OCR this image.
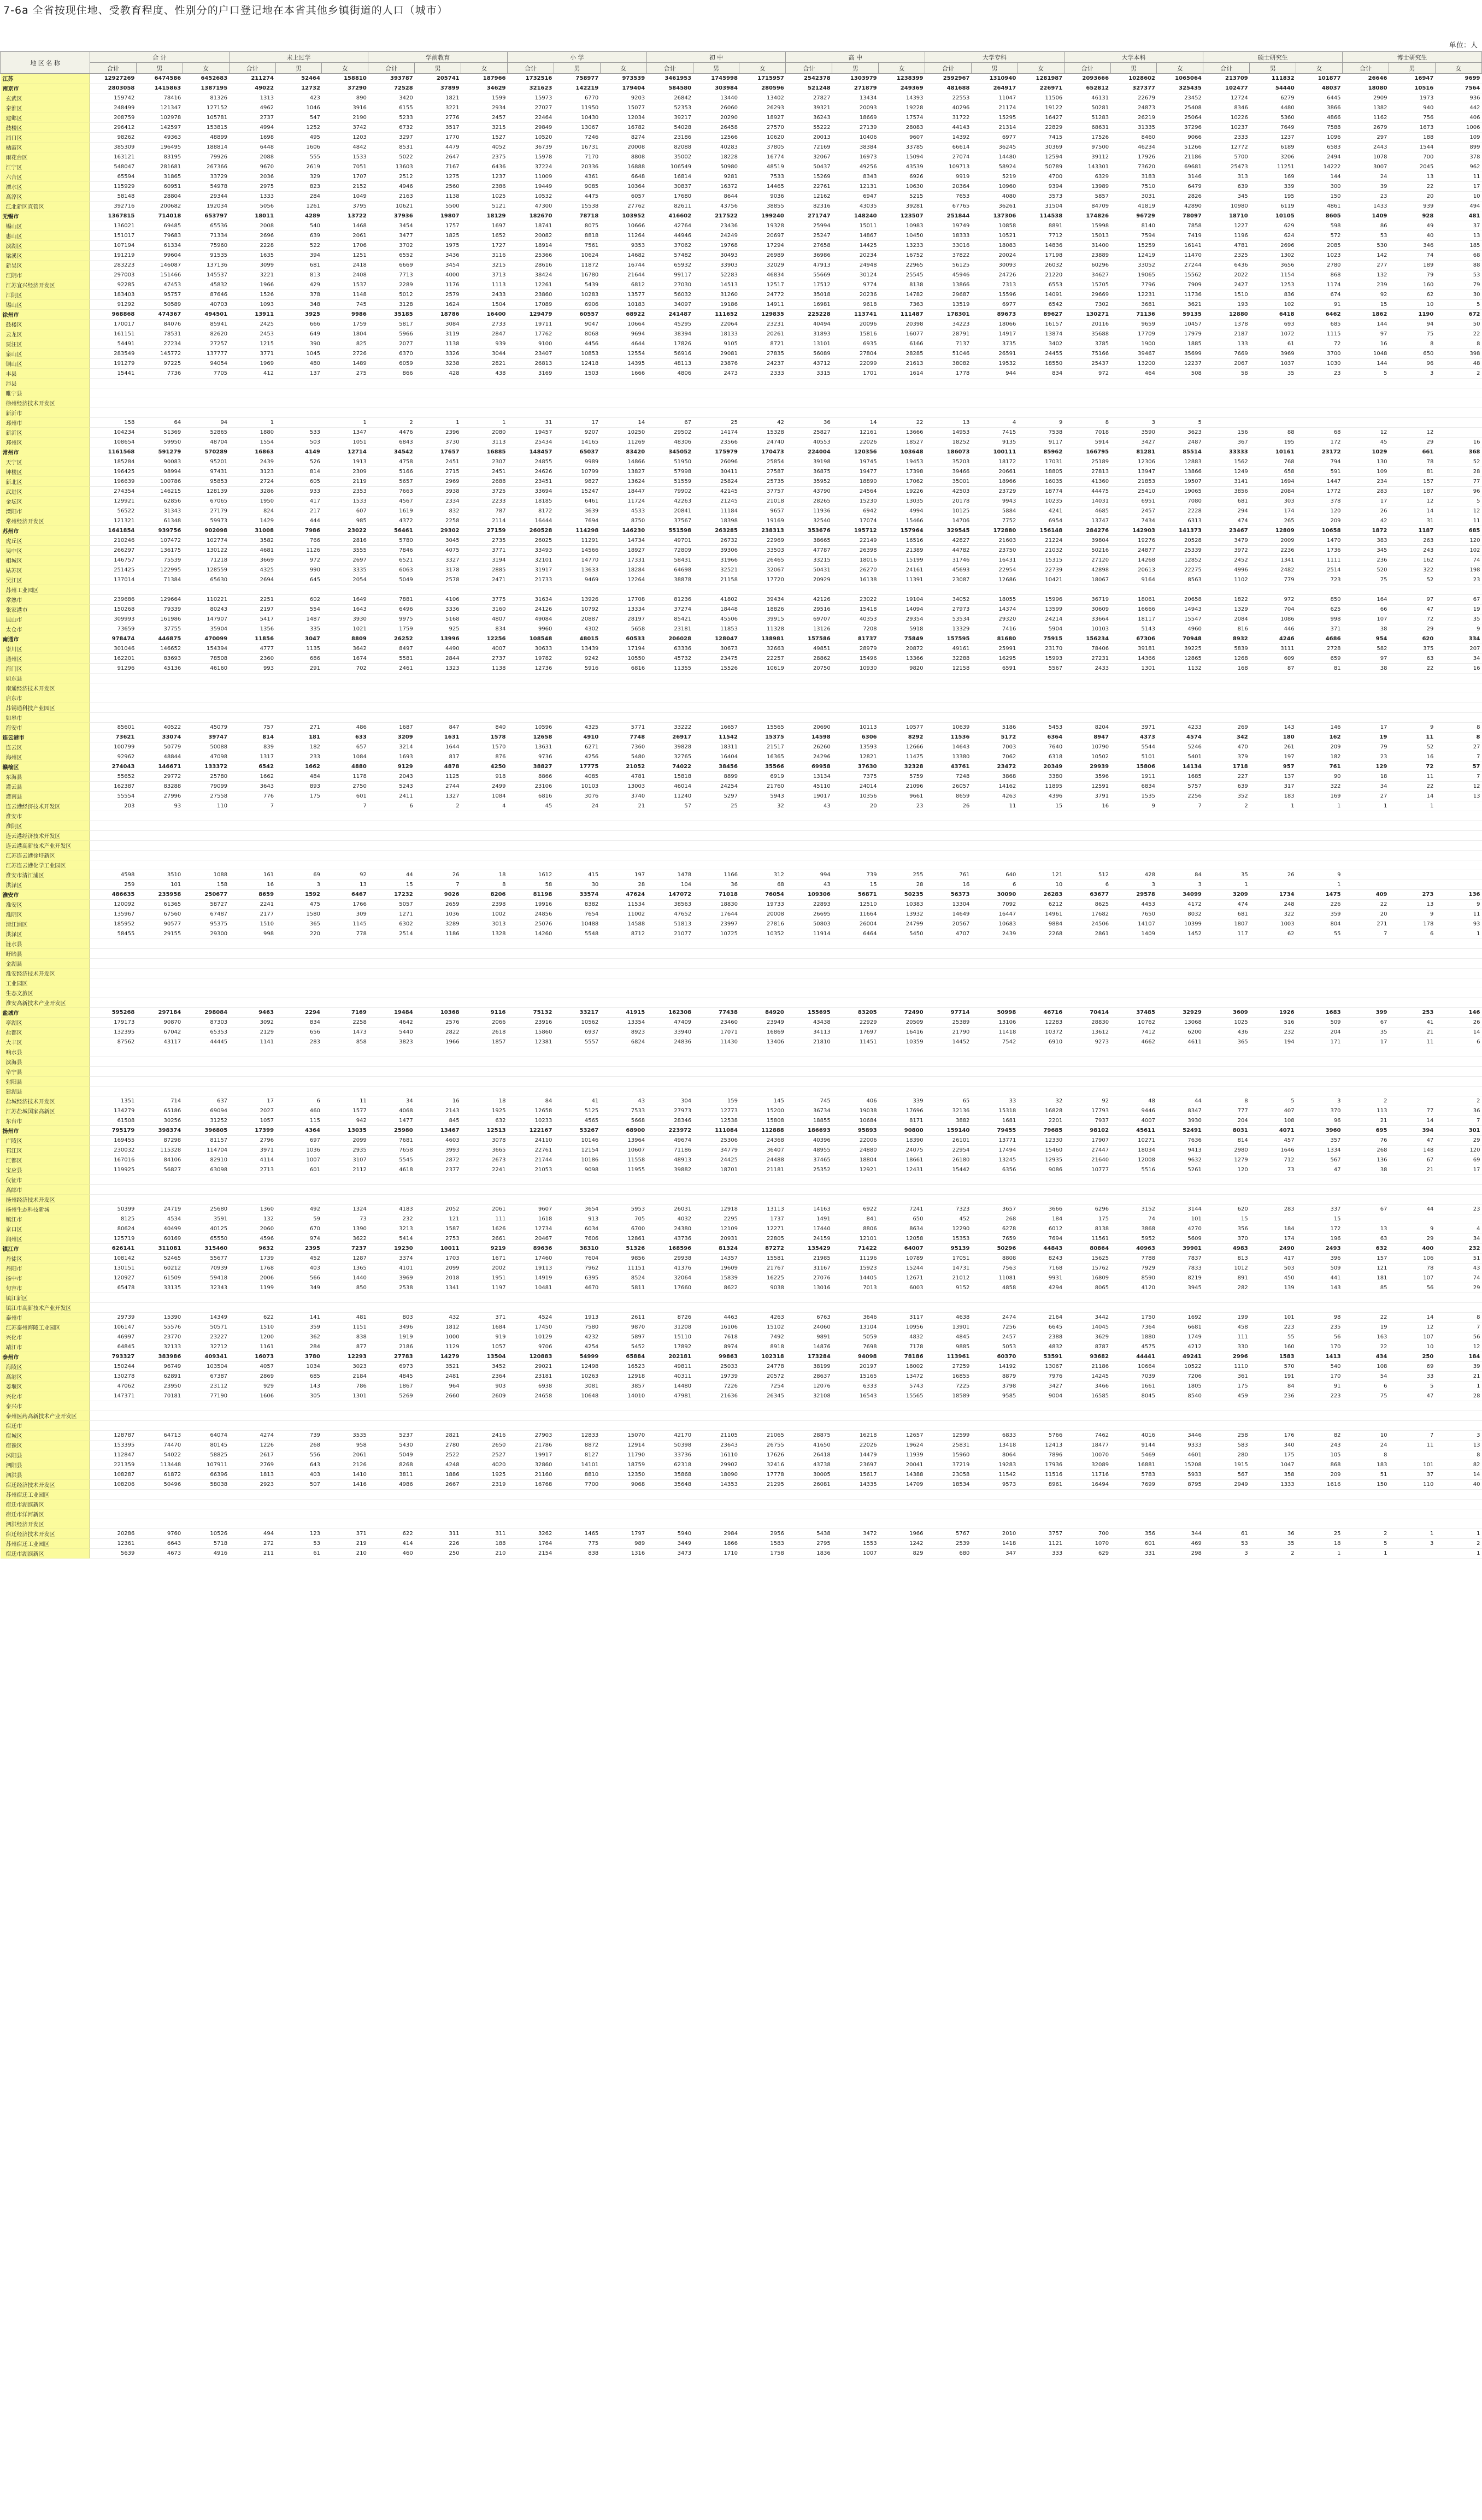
7-6a 全省按现住地、受教育程度、性别分的户口登记地在本省其他乡镇街道的人口（城市）
单位：人
地 区 名 称	合 计			未上过学			学前教育			小 学			初 中			高 中			大学专科			大学本科			硕士研究生			博士研究生		
	合计	男	女	合计	男	女	合计	男	女	合计	男	女	合计	男	女	合计	男	女	合计	男	女	合计	男	女	合计	男	女	合计	男	女
江苏	12927269	6474586	6452683	211274	52464	158810	393787	205741	187966	1732516	758977	973539	3461953	1745998	1715957	2542378	1303979	1238399	2592967	1310940	1281987	2093666	1028602	1065064	213709	111832	101877	26646	16947	9699
南京市	2803058	1415863	1387195	49022	12732	37290	72528	37899	34629	321623	142219	179404	584580	303984	280596	521248	271879	249369	481688	264917	226971	652812	327377	325435	102477	54440	48037	18080	10516	7564
玄武区	159742	78416	81326	1313	423	890	3420	1821	1599	15973	6770	9203	26842	13440	13402	27827	13434	14393	22553	11047	11506	46131	22679	23452	12724	6279	6445	2909	1973	936
秦淮区	248499	121347	127152	4962	1046	3916	6155	3221	2934	27027	11950	15077	52353	26060	26293	39321	20093	19228	40296	21174	19122	50281	24873	25408	8346	4480	3866	1382	940	442
建邺区	208759	102978	105781	2737	547	2190	5233	2776	2457	22464	10430	12034	39217	20290	18927	36243	18669	17574	31722	15295	16427	51283	26219	25064	10226	5360	4866	1162	756	406
鼓楼区	296412	142597	153815	4994	1252	3742	6732	3517	3215	29849	13067	16782	54028	26458	27570	55222	27139	28083	44143	21314	22829	68631	31335	37296	10237	7649	7588	2679	1673	1006
浦口区	98262	49363	48899	1698	495	1203	3297	1770	1527	10520	7246	8274	23186	12566	10620	20013	10406	9607	14392	6977	7415	17526	8460	9066	2333	1237	1096	297	188	109
栖霞区	385309	196495	188814	6448	1606	4842	8531	4479	4052	36739	16731	20008	82088	40283	37805	72169	38384	33785	66614	36245	30369	97500	46234	51266	12772	6189	6583	2443	1544	899
雨花台区	163121	83195	79926	2088	555	1533	5022	2647	2375	15978	7170	8808	35002	18228	16774	32067	16973	15094	27074	14480	12594	39112	17926	21186	5700	3206	2494	1078	700	378
江宁区	548047	281681	267366	9670	2619	7051	13603	7167	6436	37224	20336	16888	106549	50980	48519	50437	49256	43539	109713	58924	50789	143301	73620	69681	25473	11251	14222	3007	2045	962
六合区	65594	31865	33729	2036	329	1707	2512	1275	1237	11009	4361	6648	16814	9281	7533	15269	8343	6926	9919	5219	4700	6329	3183	3146	313	169	144	24	13	11
溧水区	115929	60951	54978	2975	823	2152	4946	2560	2386	19449	9085	10364	30837	16372	14465	22761	12131	10630	20364	10960	9394	13989	7510	6479	639	339	300	39	22	17
高淳区	58148	28804	29344	1333	284	1049	2163	1138	1025	10532	4475	6057	17680	8644	9036	12162	6947	5215	7653	4080	3573	5857	3031	2826	345	195	150	23	20	10
江北新区直管区	392716	200682	192034	5056	1261	3795	10621	5500	5121	47300	15538	27762	82611	43756	38855	82316	43035	39281	67765	36261	31504	84709	41819	42890	10980	6119	4861	1433	939	494
无锡市	1367815	714018	653797	18011	4289	13722	37936	19807	18129	182670	78718	103952	416602	217522	199240	271747	148240	123507	251844	137306	114538	174826	96729	78097	18710	10105	8605	1409	928	481
锡山区	136021	69485	65536	2008	540	1468	3454	1757	1697	18741	8075	10666	42764	23436	19328	25994	15011	10983	19749	10858	8891	15998	8140	7858	1227	629	598	86	49	37
惠山区	151017	79683	71334	2696	639	2061	3477	1825	1652	20082	8818	11264	44946	24249	20697	25247	14867	10450	18333	10521	7712	15013	7594	7419	1196	624	572	53	40	13
滨湖区	107194	61334	75960	2228	522	1706	3702	1975	1727	18914	7561	9353	37062	19768	17294	27658	14425	13233	33016	18083	14836	31400	15259	16141	4781	2696	2085	530	346	185
梁溪区	191219	99604	91535	1635	394	1251	6552	3436	3116	25366	10624	14682	57482	30493	26989	36986	20234	16752	37822	20024	17198	23889	12419	11470	2325	1302	1023	142	74	68
新吴区	283223	146087	137136	3099	681	2418	6669	3454	3215	28616	11872	16744	65932	33903	32029	47913	24948	22965	56125	30093	26032	60296	33052	27244	6436	3656	2780	277	189	88
江阴市	297003	151466	145537	3221	813	2408	7713	4000	3713	38424	16780	21644	99117	52283	46834	55669	30124	25545	45946	24726	21220	34627	19065	15562	2022	1154	868	132	79	53
江苏宜兴经济开发区	92285	47453	45832	1966	429	1537	2289	1176	1113	12261	5439	6812	27030	14513	12517	17512	9774	8138	13866	7313	6553	15705	7796	7909	2427	1253	1174	239	160	79
江阴区	183403	95757	87646	1526	378	1148	5012	2579	2433	23860	10283	13577	56032	31260	24772	35018	20236	14782	29687	15596	14091	29669	12231	11736	1510	836	674	92	62	30
锡山区	91292	50589	40703	1093	348	745	3128	1624	1504	17089	6906	10183	34097	19186	14911	16981	9618	7363	13519	6977	6542	7302	3681	3621	193	102	91	15	10	5
徐州市	968868	474367	494501	13911	3925	9986	35185	18786	16400	129479	60557	68922	241487	111652	129835	225228	113741	111487	178301	89673	89627	130271	71136	59135	12880	6418	6462	1862	1190	672
鼓楼区	170017	84076	85941	2425	666	1759	5817	3084	2733	19711	9047	10664	45295	22064	23231	40494	20096	20398	34223	18066	16157	20116	9659	10457	1378	693	685	144	94	50
云龙区	161151	78531	82620	2453	649	1804	5966	3119	2847	17762	8068	9694	38394	18133	20261	31893	15816	16077	28791	14917	13874	35688	17709	17979	2187	1072	1115	97	75	22
贾汪区	54491	27234	27257	1215	390	825	2077	1138	939	9100	4456	4644	17826	9105	8721	13101	6935	6166	7137	3735	3402	3785	1900	1885	133	61	72	16	8	8
泉山区	283549	145772	137777	3771	1045	2726	6370	3326	3044	23407	10853	12554	56916	29081	27835	56089	27804	28285	51046	26591	24455	75166	39467	35699	7669	3969	3700	1048	650	398
铜山区	191279	97225	94054	1969	480	1489	6059	3238	2821	26813	12418	14395	48113	23876	24237	43712	22099	21613	38082	19532	18550	25437	13200	12237	2067	1037	1030	144	96	48
丰县	15441	7736	7705	412	137	275	866	428	438	3169	1503	1666	4806	2473	2333	3315	1701	1614	1778	944	834	972	464	508	58	35	23	5	3	2
沛县																														
睢宁县																														
徐州经济技术开发区																														
新沂市																														
邳州市	158	64	94	1		1	2	1	1	31	17	14	67	25	42	36	14	22	13	4	9	8	3	5						
新沂区	104234	51369	52865	1880	533	1347	4476	2396	2080	19457	9207	10250	29502	14174	15328	25827	12161	13666	14953	7415	7538	7018	3590	3623	156	88	68	12	12	
邳州区	108654	59950	48704	1554	503	1051	6843	3730	3113	25434	14165	11269	48306	23566	24740	40553	22026	18527	18252	9135	9117	5914	3427	2487	367	195	172	45	29	16
常州市	1161568	591279	570289	16863	4149	12714	34542	17657	16885	148457	65037	83420	345052	175979	170473	224004	120356	103648	186073	100111	85962	166795	81281	85514	33333	10161	23172	1029	661	368
天宁区	185284	90083	95201	2439	526	1913	4758	2451	2307	24855	9989	14866	51950	26096	25854	39198	19745	19453	35203	18172	17031	25189	12306	12883	1562	768	794	130	78	52
钟楼区	196425	98994	97431	3123	814	2309	5166	2715	2451	24626	10799	13827	57998	30411	27587	36875	19477	17398	39466	20661	18805	27813	13947	13866	1249	658	591	109	81	28
新北区	196639	100786	95853	2724	605	2119	5657	2969	2688	23451	9827	13624	51559	25824	25735	35952	18890	17062	35001	18966	16035	41360	21853	19507	3141	1694	1447	234	157	77
武进区	274354	146215	128139	3286	933	2353	7663	3938	3725	33694	15247	18447	79902	42145	37757	43790	24564	19226	42503	23729	18774	44475	25410	19065	3856	2084	1772	283	187	96
金坛区	129921	62856	67065	1950	417	1533	4567	2334	2233	18185	6461	11724	42263	21245	21018	28265	15230	13035	20178	9943	10235	14031	6951	7080	681	303	378	17	12	5
溧阳市	56522	31343	27179	824	217	607	1619	832	787	8172	3639	4533	20841	11184	9657	11936	6942	4994	10125	5884	4241	4685	2457	2228	294	174	120	26	14	12
常州经济开发区	121321	61348	59973	1429	444	985	4372	2258	2114	16444	7694	8750	37567	18398	19169	32540	17074	15466	14706	7752	6954	13747	7434	6313	474	265	209	42	31	11
苏州市	1641854	939756	902098	31008	7986	23022	56461	29302	27159	260528	114298	146230	551598	263285	238313	353676	195712	157964	329545	172880	156148	284276	142903	141373	23467	12809	10658	1872	1187	685
虎丘区	210246	107472	102774	3582	766	2816	5780	3045	2735	26025	11291	14734	49701	26732	22969	38665	22149	16516	42827	21603	21224	39804	19276	20528	3479	2009	1470	383	263	120
吴中区	266297	136175	130122	4681	1126	3555	7846	4075	3771	33493	14566	18927	72809	39306	33503	47787	26398	21389	44782	23750	21032	50216	24877	25339	3972	2236	1736	345	243	102
相城区	146757	75539	71218	3669	972	2697	6521	3327	3194	32101	14770	17331	58431	31966	26465	33215	18016	15199	31746	16431	15315	27120	14268	12852	2452	1341	1111	236	162	74
姑苏区	251425	122995	128559	4325	990	3335	6063	3178	2885	31917	13633	18284	64698	32521	32067	50431	26270	24161	45693	22954	22739	42898	20613	22275	4996	2482	2514	520	322	198
吴江区	137014	71384	65630	2694	645	2054	5049	2578	2471	21733	9469	12264	38878	21158	17720	20929	16138	11391	23087	12686	10421	18067	9164	8563	1102	779	723	75	52	23
苏州工业园区																														
常熟市	239686	129664	110221	2251	602	1649	7881	4106	3775	31634	13926	17708	81236	41802	39434	42126	23022	19104	34052	18055	15996	36719	18061	20658	1822	972	850	164	97	67
张家港市	150268	79339	80243	2197	554	1643	6496	3336	3160	24126	10792	13334	37274	18448	18826	29516	15418	14094	27973	14374	13599	30609	16666	14943	1329	704	625	66	47	19
昆山市	309993	161986	147907	5417	1487	3930	9975	5168	4807	49084	20887	28197	85421	45506	39915	69707	40353	29354	53534	29320	24214	33664	18117	15547	2084	1086	998	107	72	35
太仓市	73659	37755	35904	1356	335	1021	1759	925	834	9960	4302	5658	23181	11853	11328	13126	7208	5918	13329	7416	5904	10103	5143	4960	816	446	371	38	29	9
南通市	978474	446875	470099	11856	3047	8809	26252	13996	12256	108548	48015	60533	206028	128047	138981	157586	81737	75849	157595	81680	75915	156234	67306	70948	8932	4246	4686	954	620	334
崇川区	301046	146652	154394	4777	1135	3642	8497	4490	4007	30633	13439	17194	63336	30673	32663	49851	28979	20872	49161	25991	23170	78406	39181	39225	5839	3111	2728	582	375	207
通州区	162201	83693	78508	2360	686	1674	5581	2844	2737	19782	9242	10550	45732	23475	22257	28862	15496	13366	32288	16295	15993	27231	14366	12865	1268	609	659	97	63	34
海门区	91296	45136	46160	993	291	702	2461	1323	1138	12736	5916	6816	11355	15526	10619	20750	10930	9820	12158	6591	5567	2433	1301	1132	168	87	81	38	22	16
如东县																														
南通经济技术开发区																														
启东市																														
苏锡通科技产业园区																														
如皋市																														
海安市	85601	40522	45079	757	271	486	1687	847	840	10596	4325	5771	33222	16657	15565	20690	10113	10577	10639	5186	5453	8204	3971	4233	269	143	146	17	9	8
连云港市	73621	33074	39747	814	181	633	3209	1631	1578	12658	4910	7748	26917	11542	15375	14598	6306	8292	11536	5172	6364	8947	4373	4574	342	180	162	19	11	8
连云区	100799	50779	50088	839	182	657	3214	1644	1570	13631	6271	7360	39828	18311	21517	26260	13593	12666	14643	7003	7640	10790	5544	5246	470	261	209	79	52	27
海州区	92962	48844	47098	1317	233	1084	1693	817	876	9736	4256	5480	32765	16404	16365	24296	12821	11475	13380	7062	6318	10502	5101	5401	379	197	182	23	16	7
赣榆区	274043	146671	133372	6542	1662	4880	9129	4878	4250	38827	17775	21052	74022	38456	35566	69958	37630	32328	43761	23472	20349	29939	15806	14134	1718	957	761	129	72	57
东海县	55652	29772	25780	1662	484	1178	2043	1125	918	8866	4085	4781	15818	8899	6919	13134	7375	5759	7248	3868	3380	3596	1911	1685	227	137	90	18	11	7
灌云县	162387	83288	79099	3643	893	2750	5243	2744	2499	23106	10103	13003	46014	24254	21760	45110	24014	21096	26057	14162	11895	12591	6834	5757	639	317	322	34	22	12
灌南县	55554	27996	27558	776	175	601	2411	1327	1084	6816	3076	3740	11240	5297	5943	19017	10356	9661	8659	4263	4396	3791	1535	2256	352	183	169	27	14	13
连云港经济技术开发区	203	93	110	7		7	6	2	4	45	24	21	57	25	32	43	20	23	26	11	15	16	9	7	2	1	1	1	1	
淮安市																														
淮阴区																														
连云港经济技术开发区																														
连云港高新技术产业开发区																														
江苏连云港徐圩新区																														
江苏连云港化学工业园区																														
淮安市清江浦区	4598	3510	1088	161	69	92	44	26	18	1612	415	197	1478	1166	312	994	739	255	761	640	121	512	428	84	35	26	9			
洪泽区	259	101	158	16	3	13	15	7	8	58	30	28	104	36	68	43	15	28	16	6	10	6	3	3	1		1			
淮安市	486635	235958	250677	8659	1592	6467	17232	9026	8206	81198	33574	47624	147072	71018	76054	109306	56871	50235	56373	30090	26283	63677	29578	34099	3209	1734	1475	409	273	136
淮安区	120092	61365	58727	2241	475	1766	5057	2659	2398	19916	8382	11534	38563	18830	19733	22893	12510	10383	13304	7092	6212	8625	4453	4172	474	248	226	22	13	9
淮阴区	135967	67560	67487	2177	1580	309	1271	1036	1002	24856	7654	11002	47652	17644	20008	26695	11664	13932	14649	16447	14961	17682	7650	8032	681	322	359	20	9	11
清江浦区	185952	90577	95375	1510	365	1145	6302	3289	3013	25076	10488	14588	51813	23997	27816	50803	26004	24799	20567	10683	9884	24506	14107	10399	1807	1003	804	271	178	93
洪泽区	58455	29155	29300	998	220	778	2514	1186	1328	14260	5548	8712	21077	10725	10352	11914	6464	5450	4707	2439	2268	2861	1409	1452	117	62	55	7	6	1
涟水县																														
盱眙县																														
金湖县																														
淮安经济技术开发区																														
工业园区																														
生态文旅区																														
淮安高新技术产业开发区																														
盐城市	595268	297184	298084	9463	2294	7169	19484	10368	9116	75132	33217	41915	162308	77438	84920	155695	83205	72490	97714	50998	46716	70414	37485	32929	3609	1926	1683	399	253	146
亭湖区	179173	90870	87303	3092	834	2258	4642	2576	2066	23916	10562	13354	47409	23460	23949	43438	22929	20509	25389	13106	12283	28830	10762	13068	1025	516	509	67	41	26
盐都区	132395	67042	65353	2129	656	1473	5440	2822	2618	15860	6937	8923	33940	17071	16869	34113	17697	16416	21790	11418	10372	13612	7412	6200	436	232	204	35	21	14
大丰区	87562	43117	44445	1141	283	858	3823	1966	1857	12381	5557	6824	24836	11430	13406	21810	11451	10359	14452	7542	6910	9273	4662	4611	365	194	171	17	11	6
响水县																														
滨海县																														
阜宁县																														
射阳县																														
建湖县																														
盐城经济技术开发区	1351	714	637	17	6	11	34	16	18	84	41	43	304	159	145	745	406	339	65	33	32	92	48	44	8	5	3	2		2
江苏盐城国家高新区	134279	65186	69094	2027	460	1577	4068	2143	1925	12658	5125	7533	27973	12773	15200	36734	19038	17696	32136	15318	16828	17793	9446	8347	777	407	370	113	77	36
东台市	61508	30256	31252	1057	115	942	1477	845	632	10233	4565	5668	28346	12538	15808	18855	10684	8171	3882	1681	2201	7937	4007	3930	204	108	96	21	14	7
扬州市	795179	398374	396805	17399	4364	13035	25980	13467	12513	122167	53267	68900	223972	111084	112888	186693	95893	90800	159140	79455	79685	98102	45611	52491	8031	4071	3960	695	394	301
广陵区	169455	87298	81157	2796	697	2099	7681	4603	3078	24110	10146	13964	49674	25306	24368	40396	22006	18390	26101	13771	12330	17907	10271	7636	814	457	357	76	47	29
邗江区	230032	115328	114704	3971	1036	2935	7658	3993	3665	22761	12154	10607	71186	34779	36407	48955	24880	24075	22954	17494	15460	27447	18034	9413	2980	1646	1334	268	148	120
江都区	167016	84106	82910	4114	1007	3107	5545	2872	2673	21744	10186	11558	48913	24425	24488	37465	18804	18661	26180	13245	12935	21640	12008	9632	1279	712	567	136	67	69
宝应县	119925	56827	63098	2713	601	2112	4618	2377	2241	21053	9098	11955	39882	18701	21181	25352	12921	12431	15442	6356	9086	10777	5516	5261	120	73	47	38	21	17
仪征市																														
高邮市																														
扬州经济技术开发区																														
扬州生态科技新城	50399	24719	25680	1360	492	1324	4183	2052	2061	9607	3654	5953	26031	12918	13113	14163	6922	7241	7323	3657	3666	6296	3152	3144	620	283	337	67	44	23
镇江市	8125	4534	3591	132	59	73	232	121	111	1618	913	705	4032	2295	1737	1491	841	650	452	268	184	175	74	101	15		15			
京口区	80624	40499	40125	2060	670	1390	3213	1587	1626	12734	6034	6700	24380	12109	12271	17440	8806	8634	12290	6278	6012	8138	3868	4270	356	184	172	13	9	4
润州区	125719	60169	65550	4596	974	3622	5414	2753	2661	20467	7606	12861	43736	20931	22805	24159	12101	12058	15353	7659	7694	11561	5952	5609	370	174	196	63	29	34
镇江市	626141	311081	315460	9632	2395	7237	19230	10011	9219	89636	38310	51326	168596	81324	87272	135429	71422	64007	95139	50296	44843	80864	40963	39901	4983	2490	2493	632	400	232
丹徒区	108142	52465	55677	1739	452	1287	3374	1703	1671	17460	7604	9856	29938	14357	15581	21985	11196	10789	17051	8808	8243	15625	7788	7837	813	417	396	157	106	51
丹阳市	130151	60212	70939	1768	403	1365	4101	2099	2002	19113	7962	11151	41376	19609	21767	31167	15923	15244	14731	7563	7168	15762	7929	7833	1012	503	509	121	78	43
扬中市	120927	61509	59418	2006	566	1440	3969	2018	1951	14919	6395	8524	32064	15839	16225	27076	14405	12671	21012	11081	9931	16809	8590	8219	891	450	441	181	107	74
句容市	65478	33135	32343	1199	349	850	2538	1341	1197	10481	4670	5811	17660	8622	9038	13016	7013	6003	9152	4858	4294	8065	4120	3945	282	139	143	85	56	29
镇江新区																														
镇江市高新技术产业开发区																														
泰州市	29739	15390	14349	622	141	481	803	432	371	4524	1913	2611	8726	4463	4263	6763	3646	3117	4638	2474	2164	3442	1750	1692	199	101	98	22	14	8
江苏泰州海陵工业园区	106147	55576	50571	1510	359	1151	3496	1812	1684	17450	7580	9870	31208	16106	15102	24060	13104	10956	13901	7256	6645	14045	7364	6681	458	223	235	19	12	7
兴化市	46997	23770	23227	1200	362	838	1919	1000	919	10129	4232	5897	15110	7618	7492	9891	5059	4832	4845	2457	2388	3629	1880	1749	111	55	56	163	107	56
靖江市	64845	32133	32712	1161	284	877	2186	1129	1057	9706	4254	5452	17892	8974	8918	14876	7698	7178	9885	5053	4832	8787	4575	4212	330	160	170	22	10	12
泰州市	793327	383986	409341	16073	3780	12293	27783	14279	13504	120883	54999	65884	202181	99863	102318	173284	94098	78186	113961	60370	53591	93682	44441	49241	2996	1583	1413	434	250	184
海陵区	150244	96749	103504	4057	1034	3023	6973	3521	3452	29021	12498	16523	49811	25033	24778	38199	20197	18002	27259	14192	13067	21186	10664	10522	1110	570	540	108	69	39
高港区	130278	62891	67387	2869	685	2184	4845	2481	2364	23181	10263	12918	40311	19739	20572	28637	15165	13472	16855	8879	7976	14245	7039	7206	361	191	170	54	33	21
姜堰区	47062	23950	23112	929	143	786	1867	964	903	6938	3081	3857	14480	7226	7254	12076	6333	5743	7225	3798	3427	3466	1661	1805	175	84	91	6	5	1
兴化市	147371	70181	77190	1606	305	1301	5269	2660	2609	24658	10648	14010	47981	21636	26345	32108	16543	15565	18589	9585	9004	16585	8045	8540	459	236	223	75	47	28
泰兴市																														
泰州医药高新技术产业开发区																														
宿迁市																														
宿城区	128787	64713	64074	4274	739	3535	5237	2821	2416	27903	12833	15070	42170	21105	21065	28875	16218	12657	12599	6833	5766	7462	4016	3446	258	176	82	10	7	3
宿豫区	153395	74470	80145	1226	268	958	5430	2780	2650	21786	8872	12914	50398	23643	26755	41650	22026	19624	25831	13418	12413	18477	9144	9333	583	340	243	24	11	13
沭阳县	112847	54022	58825	2617	556	2061	5049	2522	2527	19917	8127	11790	33736	16110	17626	26418	14479	11939	15960	8064	7896	10070	5469	4601	280	175	105	8		8
泗阳县	221359	113448	107911	2769	643	2126	8268	4248	4020	32860	14101	18759	62318	29902	32416	43738	23697	20041	37219	19283	17936	32089	16881	15208	1915	1047	868	183	101	82
泗洪县	108287	61872	66396	1813	403	1410	3811	1886	1925	21160	8810	12350	35868	18090	17778	30005	15617	14388	23058	11542	11516	11716	5783	5933	567	358	209	51	37	14
宿迁经济技术开发区	108206	50496	58038	2923	507	1416	4986	2667	2319	16768	7700	9068	35648	14353	21295	26081	14335	14709	18534	9573	8961	16494	7699	8795	2949	1333	1616	150	110	40
苏州宿迁工业园区																														
宿迁市湖滨新区																														
宿迁市洋河新区																														
泗洪经济开发区																														
宿迁经济技术开发区	20286	9760	10526	494	123	371	622	311	311	3262	1465	1797	5940	2984	2956	5438	3472	1966	5767	2010	3757	700	356	344	61	36	25	2	1	1
苏州宿迁工业园区	12361	6643	5718	272	53	219	414	226	188	1764	775	989	3449	1866	1583	2795	1553	1242	2539	1418	1121	1070	601	469	53	35	18	5	3	2
宿迁市湖滨新区	5639	4673	4916	211	61	210	460	250	210	2154	838	1316	3473	1710	1758	1836	1007	829	680	347	333	629	331	298	3	2	1	1		1
